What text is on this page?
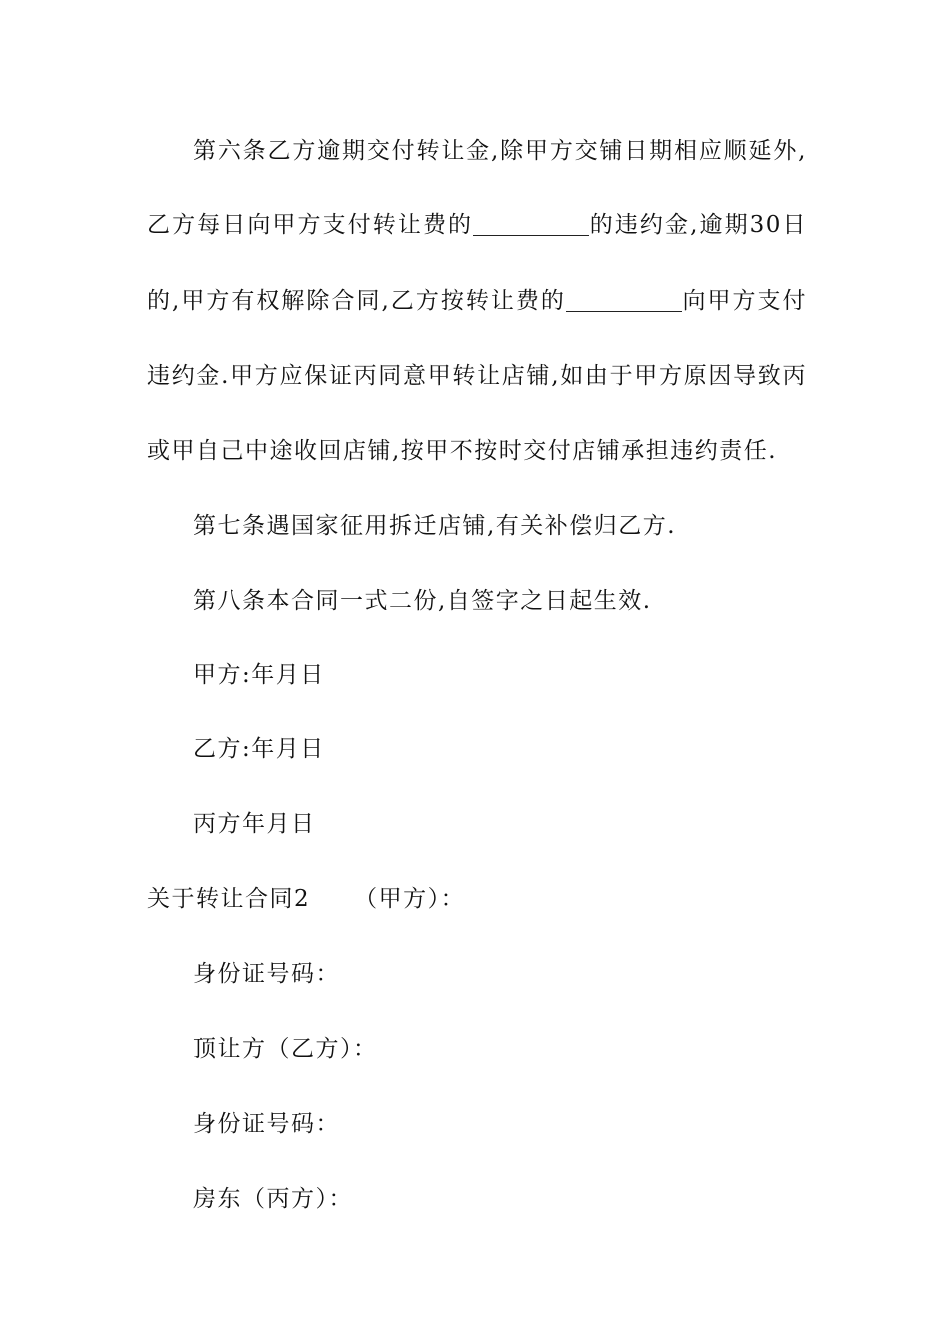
第六条乙方逾期交付转让金,除甲方交铺日期相应顺延外,
乙方每日向甲方支付转让费的	的违约金,逾期30日
的,甲方有权解除合同,乙方按转让费的	向甲方支付
违约金.甲方应保证丙同意甲转让店铺,如由于甲方原因导致丙
或甲自己中途收回店铺,按甲不按时交付店铺承担违约责任.
第七条遇国家征用拆迁店铺,有关补偿归乙方.
第八条本合同一式二份,自签字之日起生效.
甲方:年月日
乙方:年月日
丙方年月日
关于转让合同2 （甲方）：
身份证号码：
顶让方（乙方）：
身份证号码：
房东（丙方）：
